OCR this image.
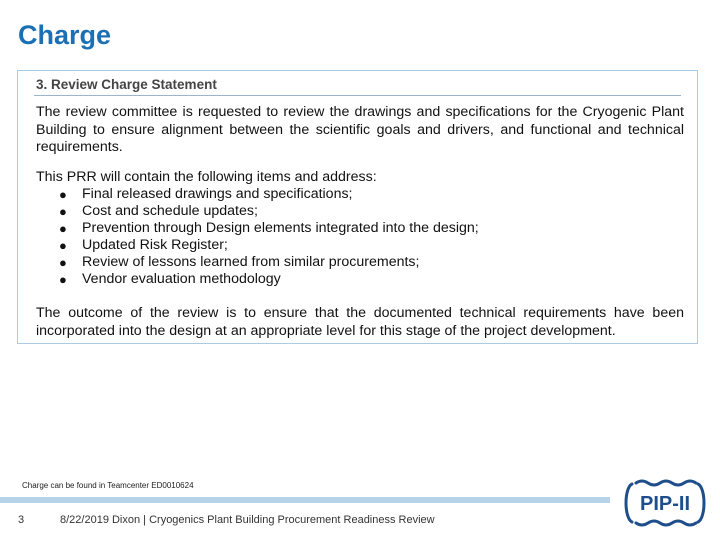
Charge
3. Review Charge Statement

The review committee is requested to review the drawings and specifications for the Cryogenic Plant Building to ensure alignment between the scientific goals and drivers, and functional and technical requirements.

This PRR will contain the following items and address:

● Final released drawings and specifications;
● Cost and schedule updates;
● Prevention through Design elements integrated into the design;
● Updated Risk Register;
● Review of lessons learned from similar procurements;
● Vendor evaluation methodology

The outcome of the review is to ensure that the documented technical requirements have been incorporated into the design at an appropriate level for this stage of the project development.

Charge can be found in Teamcenter ED0010624
3	8/22/2019 Dixon | Cryogenics Plant Building Procurement Readiness Review
PIP-II
